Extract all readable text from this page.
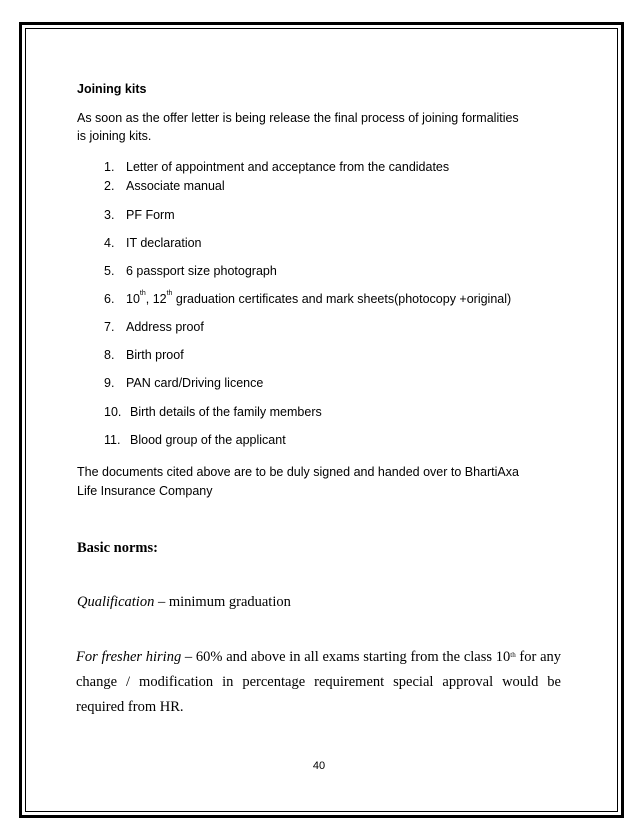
Joining kits

As soon as the offer letter is being release the final process of joining formalities

is joining kits.

1. Letter of appointment and acceptance from the candidates

2. Associate manual

3. PF Form

4. IT declaration

5. 6 passport size photograph

6. 10th, 12th graduation certificates and mark sheets(photocopy +original)

7. Address proof

8. Birth proof

9. PAN card/Driving licence

10. Birth details of the family members

11. Blood group of the applicant

The documents cited above are to be duly signed and handed over to BhartiAxa

Life Insurance Company

Basic norms:

Qualification – minimum graduation

For fresher hiring – 60% and above in all exams starting from the class 10th for any change / modification in percentage requirement special approval would be required from HR.

40
